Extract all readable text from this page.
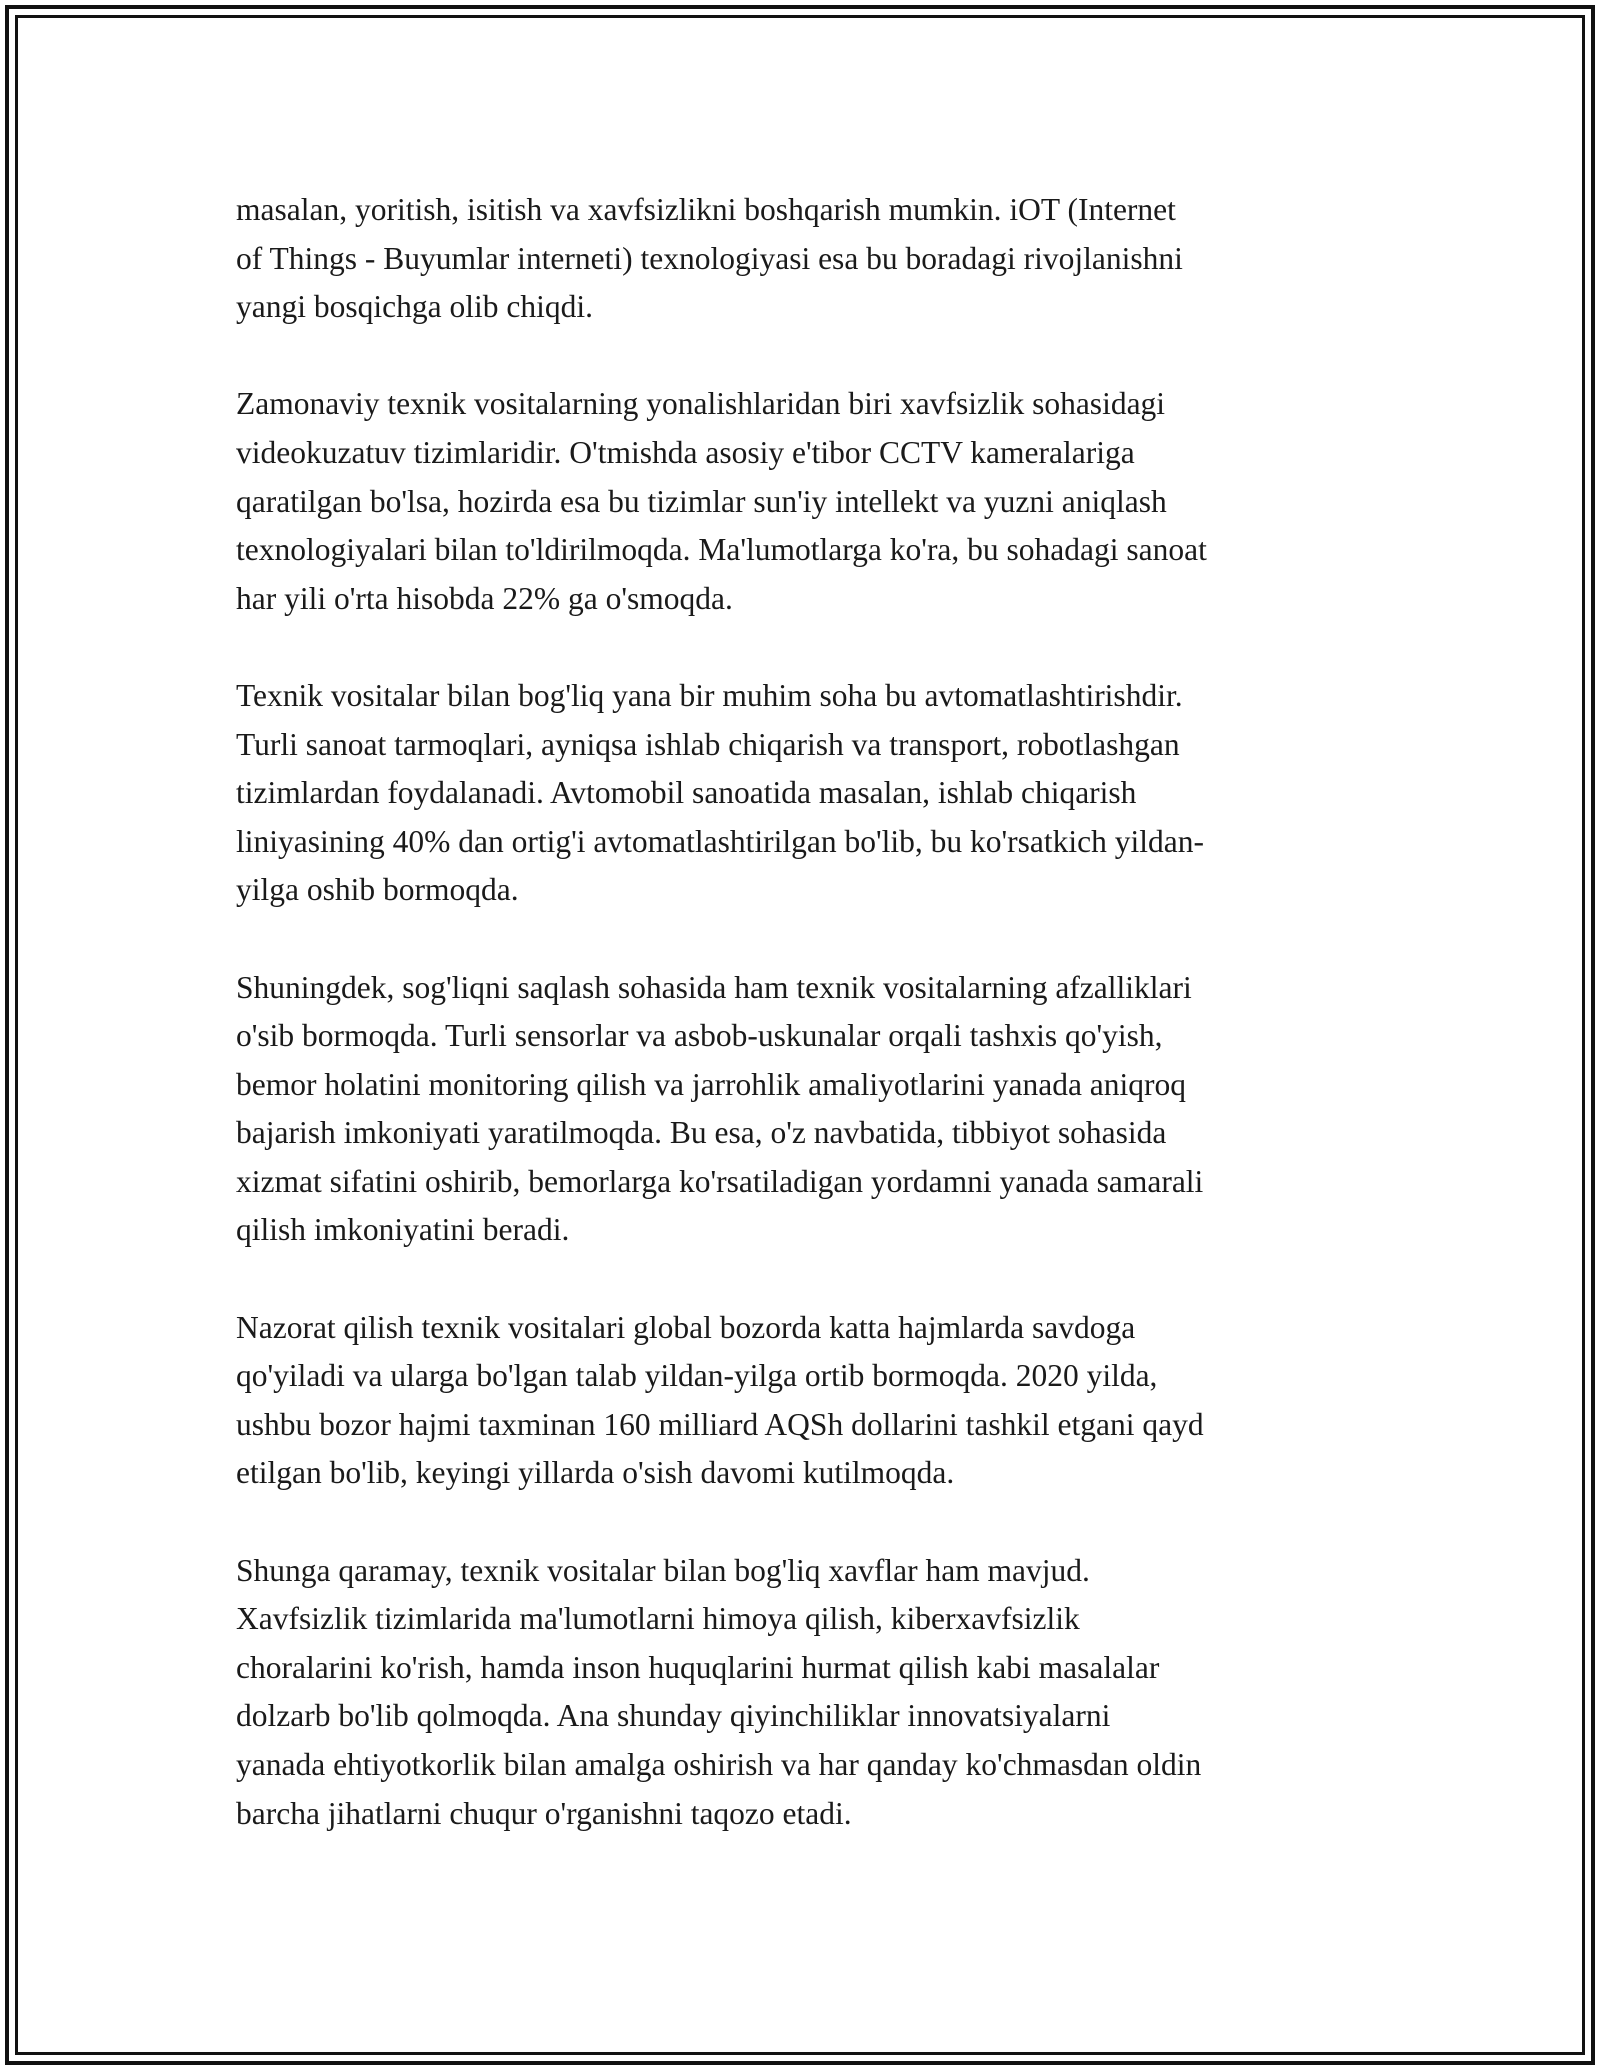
masalan, yoritish, isitish va xavfsizlikni boshqarish mumkin. iOT (Internet
of Things - Buyumlar interneti) texnologiyasi esa bu boradagi rivojlanishni
yangi bosqichga olib chiqdi.

Zamonaviy texnik vositalarning yonalishlaridan biri xavfsizlik sohasidagi
videokuzatuv tizimlaridir. O'tmishda asosiy e'tibor CCTV kameralariga
qaratilgan bo'lsa, hozirda esa bu tizimlar sun'iy intellekt va yuzni aniqlash
texnologiyalari bilan to'ldirilmoqda. Ma'lumotlarga ko'ra, bu sohadagi sanoat
har yili o'rta hisobda 22% ga o'smoqda.

Texnik vositalar bilan bog'liq yana bir muhim soha bu avtomatlashtirishdir.
Turli sanoat tarmoqlari, ayniqsa ishlab chiqarish va transport, robotlashgan
tizimlardan foydalanadi. Avtomobil sanoatida masalan, ishlab chiqarish
liniyasining 40% dan ortig'i avtomatlashtirilgan bo'lib, bu ko'rsatkich yildan-
yilga oshib bormoqda.

Shuningdek, sog'liqni saqlash sohasida ham texnik vositalarning afzalliklari
o'sib bormoqda. Turli sensorlar va asbob-uskunalar orqali tashxis qo'yish,
bemor holatini monitoring qilish va jarrohlik amaliyotlarini yanada aniqroq
bajarish imkoniyati yaratilmoqda. Bu esa, o'z navbatida, tibbiyot sohasida
xizmat sifatini oshirib, bemorlarga ko'rsatiladigan yordamni yanada samarali
qilish imkoniyatini beradi.

Nazorat qilish texnik vositalari global bozorda katta hajmlarda savdoga
qo'yiladi va ularga bo'lgan talab yildan-yilga ortib bormoqda. 2020 yilda,
ushbu bozor hajmi taxminan 160 milliard AQSh dollarini tashkil etgani qayd
etilgan bo'lib, keyingi yillarda o'sish davomi kutilmoqda.

Shunga qaramay, texnik vositalar bilan bog'liq xavflar ham mavjud.
Xavfsizlik tizimlarida ma'lumotlarni himoya qilish, kiberxavfsizlik
choralarini ko'rish, hamda inson huquqlarini hurmat qilish kabi masalalar
dolzarb bo'lib qolmoqda. Ana shunday qiyinchiliklar innovatsiyalarni
yanada ehtiyotkorlik bilan amalga oshirish va har qanday ko'chmasdan oldin
barcha jihatlarni chuqur o'rganishni taqozo etadi.
